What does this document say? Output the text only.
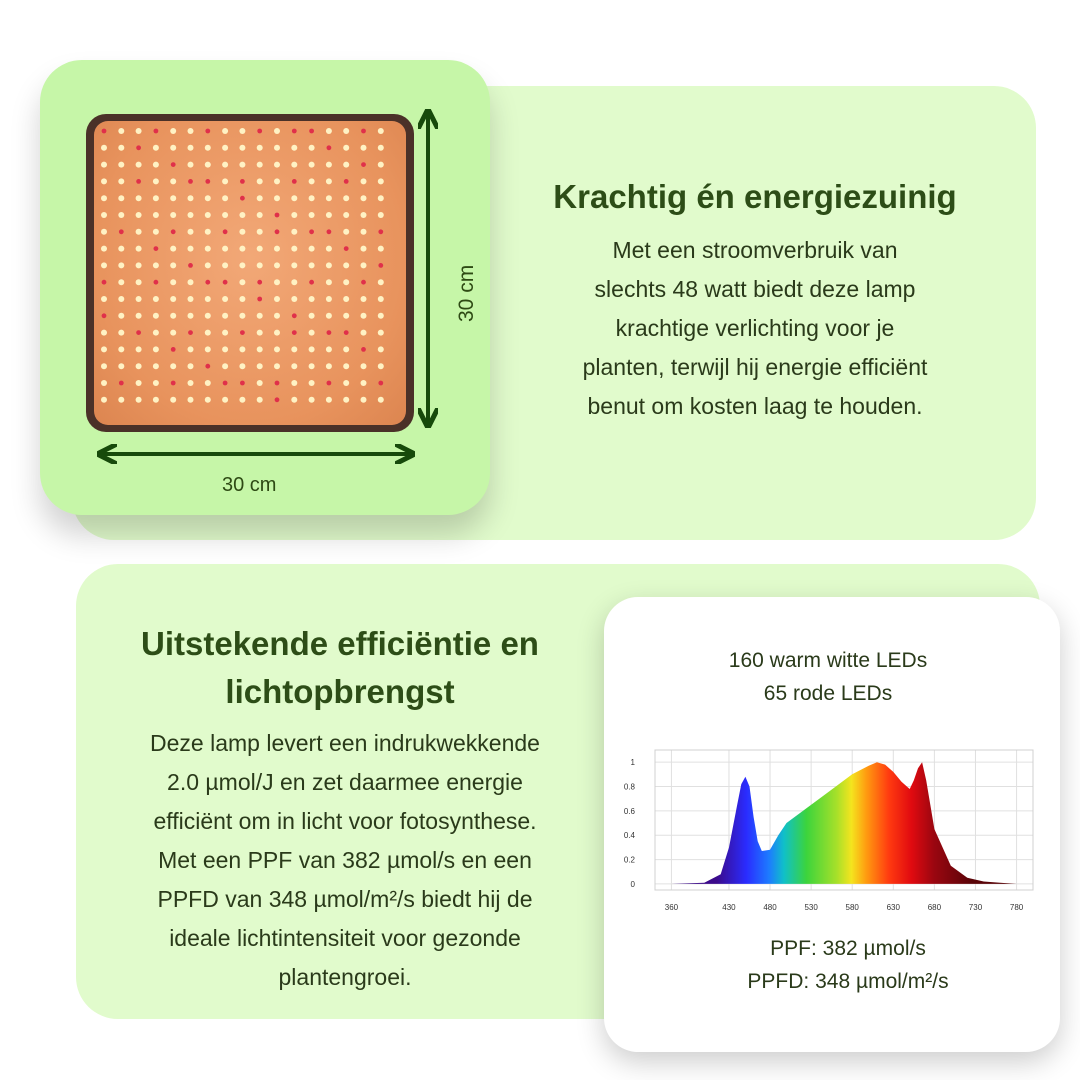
30 cm
30 cm
Krachtig én energiezuinig
Met een stroomverbruik van
slechts 48 watt biedt deze lamp
krachtige verlichting voor je
planten, terwijl hij energie efficiënt
benut om kosten laag te houden.
Uitstekende efficiëntie en
lichtopbrengst
Deze lamp levert een indrukwekkende
2.0 µmol/J en zet daarmee energie
efficiënt om in licht voor fotosynthese.
Met een PPF van 382 µmol/s en een
PPFD van 348 µmol/m²/s biedt hij de
ideale lichtintensiteit voor gezonde
plantengroei.
160 warm witte LEDs
65 rode LEDs
360	430	480	530	580	630	680	730	780
0
0.2
0.4
0.6
0.8
1
PPF: 382 µmol/s
PPFD: 348 µmol/m²/s
